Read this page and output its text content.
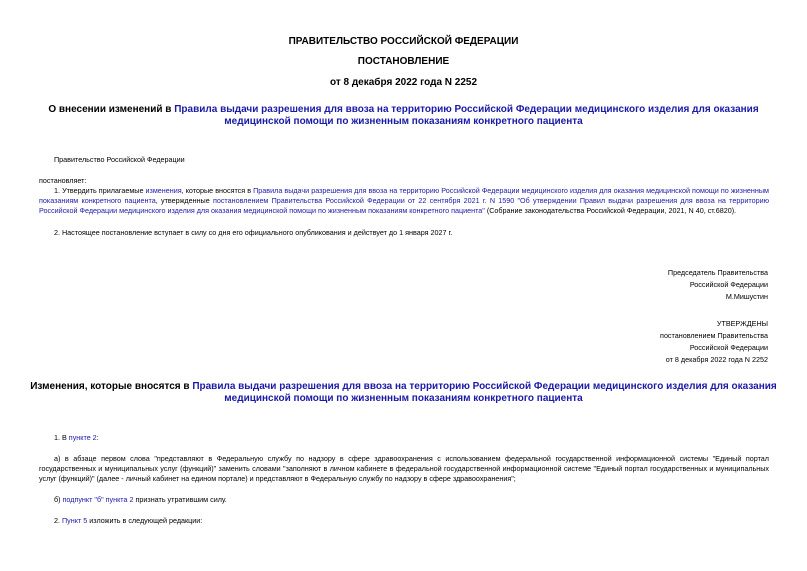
ПРАВИТЕЛЬСТВО РОССИЙСКОЙ ФЕДЕРАЦИИ
ПОСТАНОВЛЕНИЕ
от 8 декабря 2022 года N 2252
О внесении изменений в Правила выдачи разрешения для ввоза на территорию Российской Федерации медицинского изделия для оказания медицинской помощи по жизненным показаниям конкретного пациента
Правительство Российской Федерации
постановляет:
1. Утвердить прилагаемые изменения, которые вносятся в Правила выдачи разрешения для ввоза на территорию Российской Федерации медицинского изделия для оказания медицинской помощи по жизненным показаниям конкретного пациента, утвержденные постановлением Правительства Российской Федерации от 22 сентября 2021 г. N 1590 "Об утверждении Правил выдачи разрешения для ввоза на территорию Российской Федерации медицинского изделия для оказания медицинской помощи по жизненным показаниям конкретного пациента" (Собрание законодательства Российской Федерации, 2021, N 40, ст.6820).
2. Настоящее постановление вступает в силу со дня его официального опубликования и действует до 1 января 2027 г.
Председатель Правительства
Российской Федерации
М.Мишустин
УТВЕРЖДЕНЫ
постановлением Правительства
Российской Федерации
от 8 декабря 2022 года N 2252
Изменения, которые вносятся в Правила выдачи разрешения для ввоза на территорию Российской Федерации медицинского изделия для оказания медицинской помощи по жизненным показаниям конкретного пациента
1. В пункте 2:
а) в абзаце первом слова "представляют в Федеральную службу по надзору в сфере здравоохранения с использованием федеральной государственной информационной системы "Единый портал государственных и муниципальных услуг (функций)" заменить словами "заполняют в личном кабинете в федеральной государственной информационной системе "Единый портал государственных и муниципальных услуг (функций)" (далее - личный кабинет на едином портале) и представляют в Федеральную службу по надзору в сфере здравоохранения";
б) подпункт "б" пункта 2 признать утратившим силу.
2. Пункт 5 изложить в следующей редакции:
